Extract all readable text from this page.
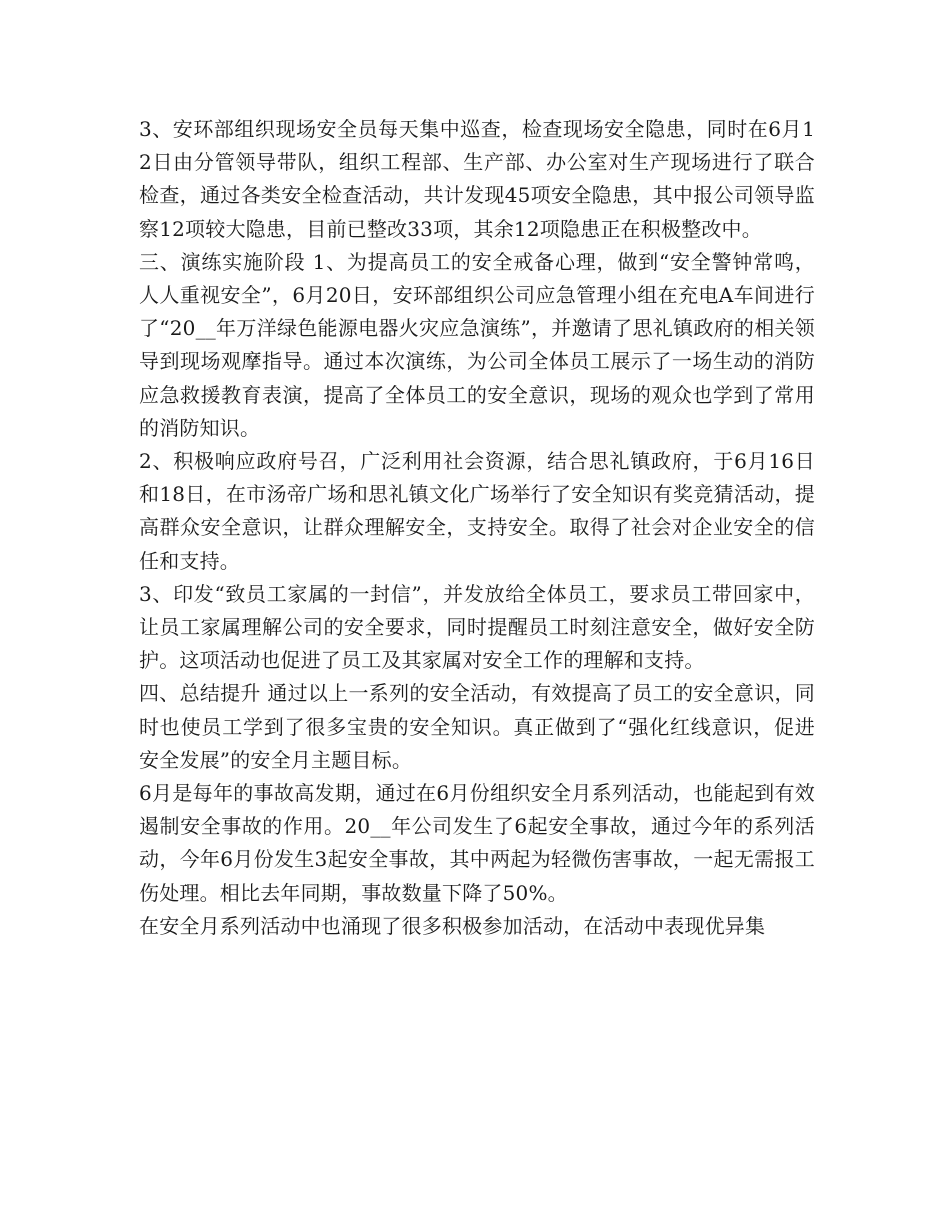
3、安环部组织现场安全员每天集中巡查，检查现场安全隐患，同时在6月12日由分管领导带队，组织工程部、生产部、办公室对生产现场进行了联合检查，通过各类安全检查活动，共计发现45项安全隐患，其中报公司领导监察12项较大隐患，目前已整改33项，其余12项隐患正在积极整改中。

三、演练实施阶段 1、为提高员工的安全戒备心理，做到“安全警钟常鸣，人人重视安全”，6月20日，安环部组织公司应急管理小组在充电A车间进行了“20__年万洋绿色能源电器火灾应急演练”，并邀请了思礼镇政府的相关领导到现场观摩指导。通过本次演练，为公司全体员工展示了一场生动的消防应急救援教育表演，提高了全体员工的安全意识，现场的观众也学到了常用的消防知识。

2、积极响应政府号召，广泛利用社会资源，结合思礼镇政府，于6月16日和18日，在市汤帝广场和思礼镇文化广场举行了安全知识有奖竞猜活动，提高群众安全意识，让群众理解安全，支持安全。取得了社会对企业安全的信任和支持。

3、印发“致员工家属的一封信”，并发放给全体员工，要求员工带回家中，让员工家属理解公司的安全要求，同时提醒员工时刻注意安全，做好安全防护。这项活动也促进了员工及其家属对安全工作的理解和支持。

四、总结提升 通过以上一系列的安全活动，有效提高了员工的安全意识，同时也使员工学到了很多宝贵的安全知识。真正做到了“强化红线意识，促进安全发展”的安全月主题目标。

6月是每年的事故高发期，通过在6月份组织安全月系列活动，也能起到有效遏制安全事故的作用。20__年公司发生了6起安全事故，通过今年的系列活动，今年6月份发生3起安全事故，其中两起为轻微伤害事故，一起无需报工伤处理。相比去年同期，事故数量下降了50%。

在安全月系列活动中也涌现了很多积极参加活动，在活动中表现优异集
